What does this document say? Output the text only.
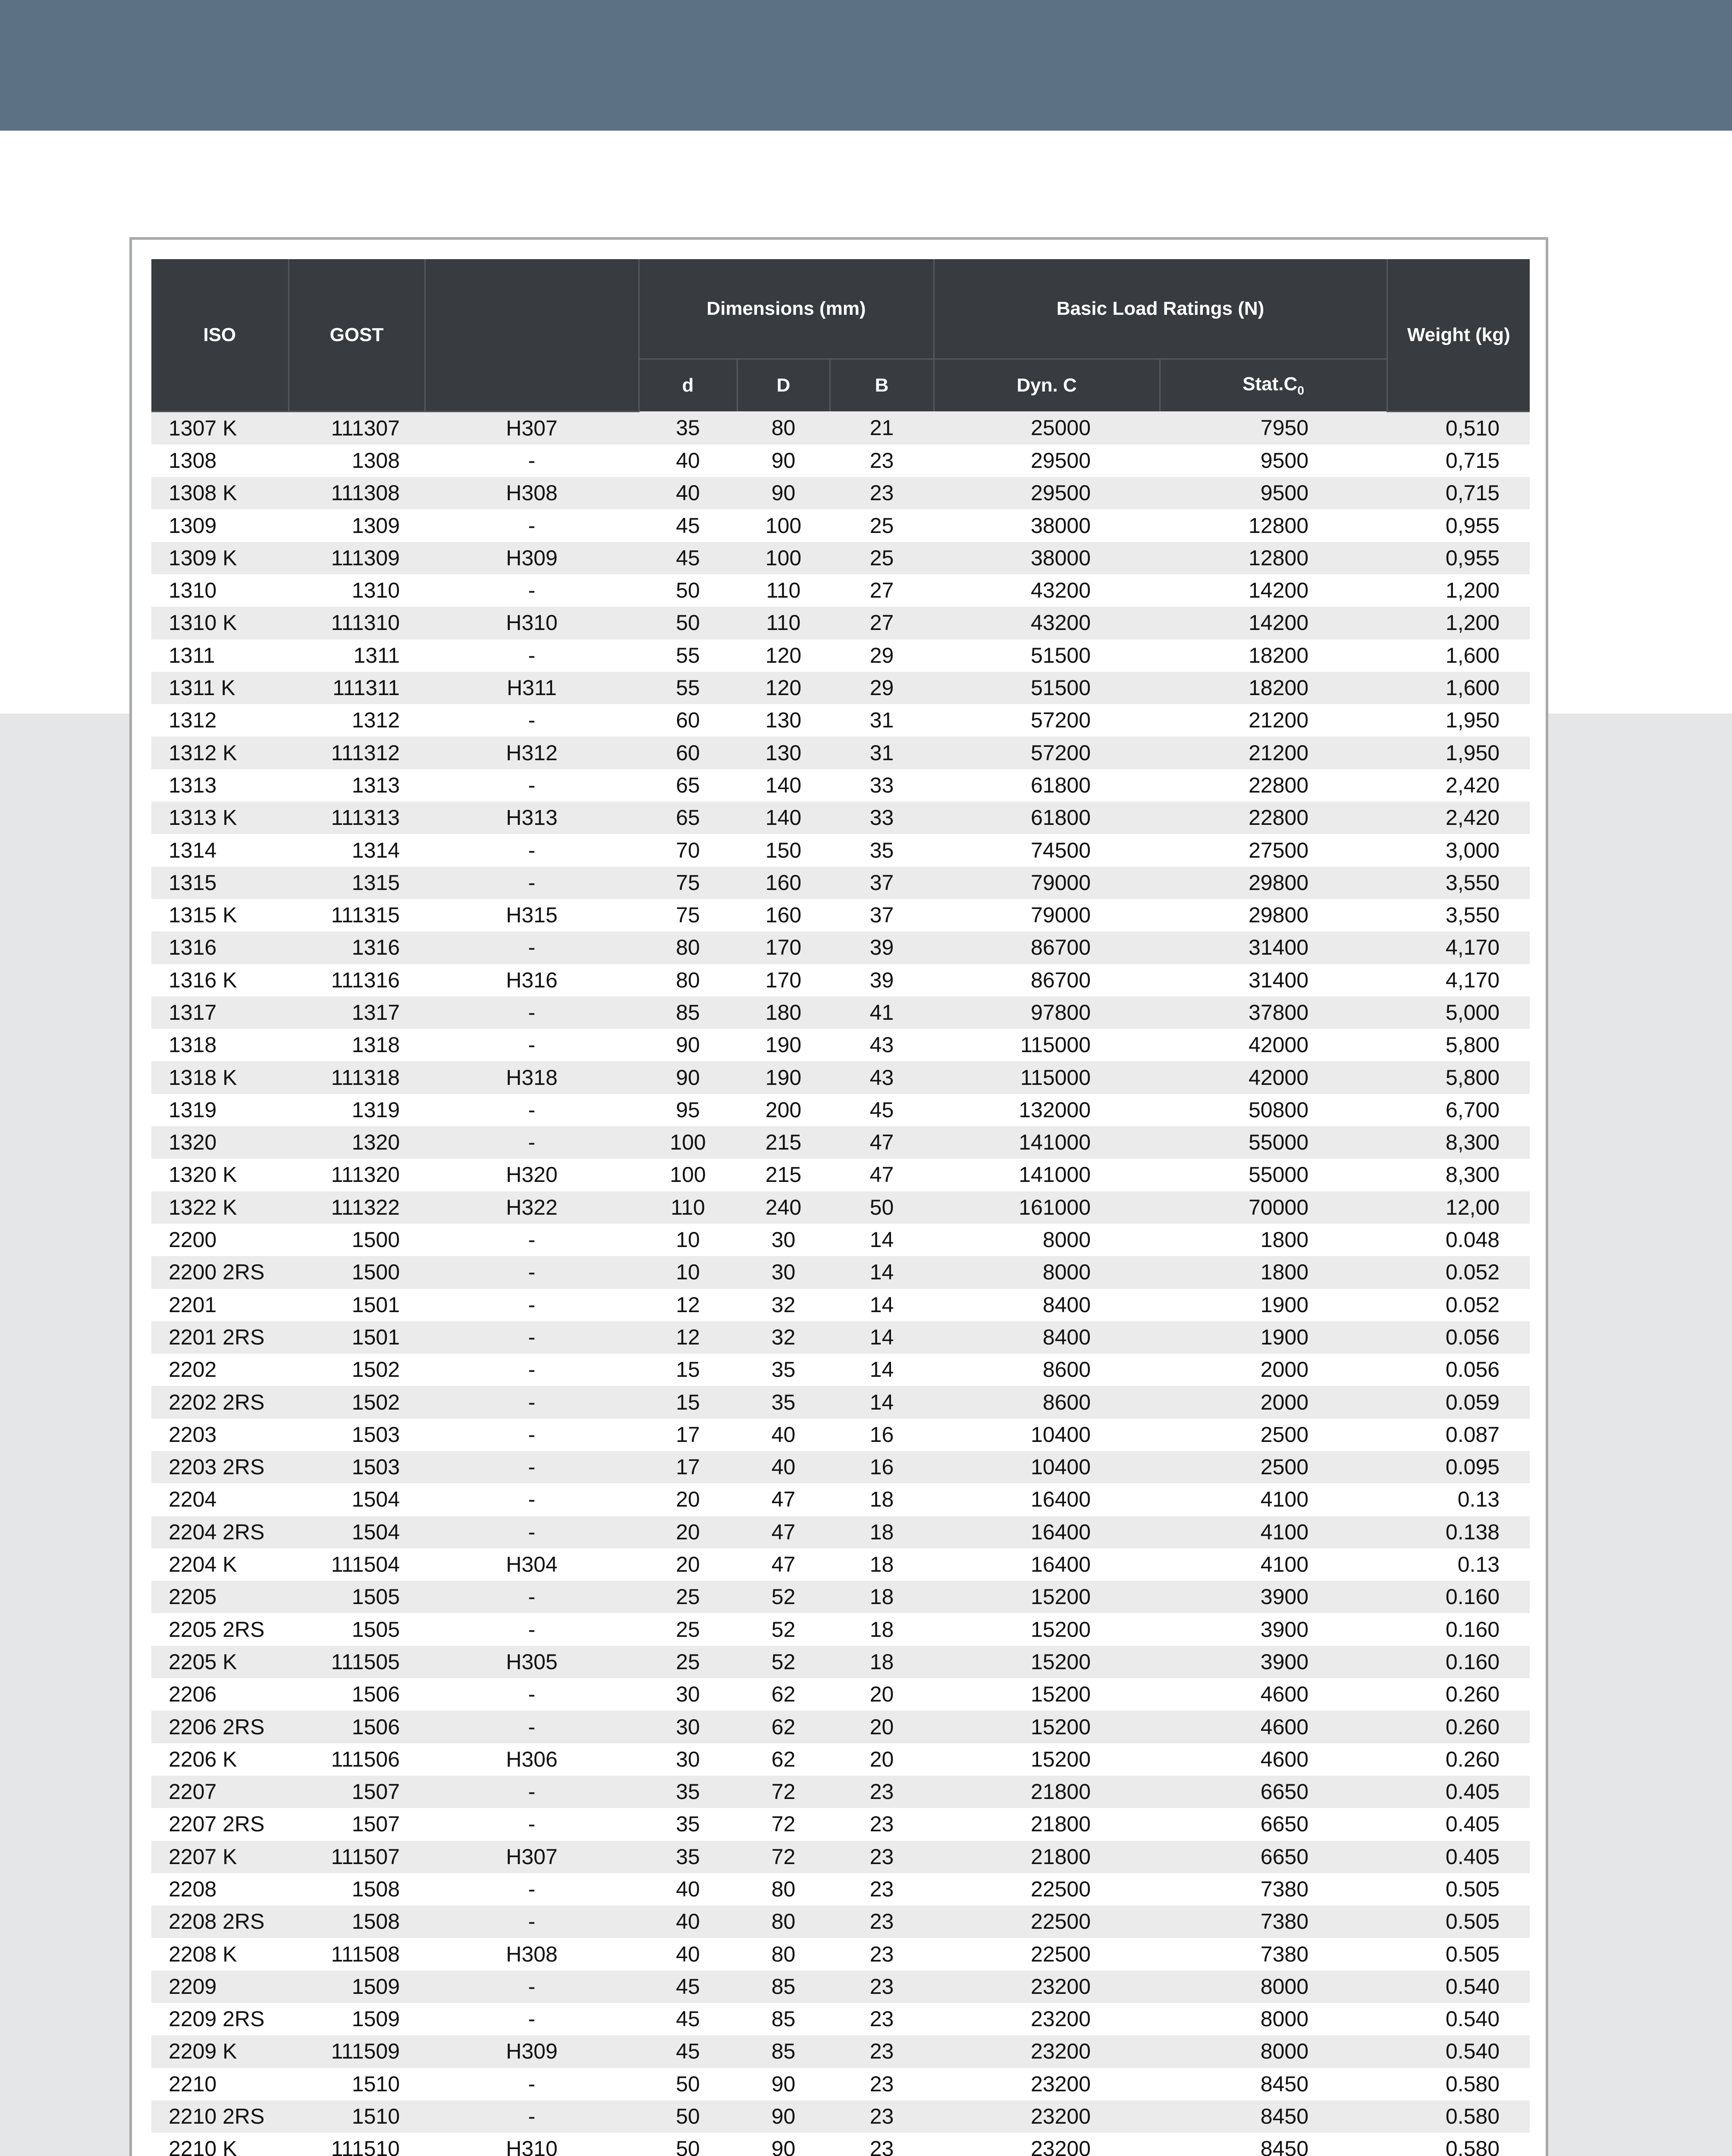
ISO	GOST		Dimensions (mm)			Basic Load Ratings (N)		Weight (kg)
			d	D	B	Dyn. C	$Stat.C_0$
1307 K	111307	H307	35	80	21	25000	7950	0,510
1308	1308	-	40	90	23	29500	9500	0,715
1308 K	111308	H308	40	90	23	29500	9500	0,715
1309	1309	-	45	100	25	38000	12800	0,955
1309 K	111309	H309	45	100	25	38000	12800	0,955
1310	1310	-	50	110	27	43200	14200	1,200
1310 K	111310	H310	50	110	27	43200	14200	1,200
1311	1311	-	55	120	29	51500	18200	1,600
1311 K	111311	H311	55	120	29	51500	18200	1,600
1312	1312	-	60	130	31	57200	21200	1,950
1312 K	111312	H312	60	130	31	57200	21200	1,950
1313	1313	-	65	140	33	61800	22800	2,420
1313 K	111313	H313	65	140	33	61800	22800	2,420
1314	1314	-	70	150	35	74500	27500	3,000
1315	1315	-	75	160	37	79000	29800	3,550
1315 K	111315	H315	75	160	37	79000	29800	3,550
1316	1316	-	80	170	39	86700	31400	4,170
1316 K	111316	H316	80	170	39	86700	31400	4,170
1317	1317	-	85	180	41	97800	37800	5,000
1318	1318	-	90	190	43	115000	42000	5,800
1318 K	111318	H318	90	190	43	115000	42000	5,800
1319	1319	-	95	200	45	132000	50800	6,700
1320	1320	-	100	215	47	141000	55000	8,300
1320 K	111320	H320	100	215	47	141000	55000	8,300
1322 K	111322	H322	110	240	50	161000	70000	12,00
2200	1500	-	10	30	14	8000	1800	0.048
2200 2RS	1500	-	10	30	14	8000	1800	0.052
2201	1501	-	12	32	14	8400	1900	0.052
2201 2RS	1501	-	12	32	14	8400	1900	0.056
2202	1502	-	15	35	14	8600	2000	0.056
2202 2RS	1502	-	15	35	14	8600	2000	0.059
2203	1503	-	17	40	16	10400	2500	0.087
2203 2RS	1503	-	17	40	16	10400	2500	0.095
2204	1504	-	20	47	18	16400	4100	0.13
2204 2RS	1504	-	20	47	18	16400	4100	0.138
2204 K	111504	H304	20	47	18	16400	4100	0.13
2205	1505	-	25	52	18	15200	3900	0.160
2205 2RS	1505	-	25	52	18	15200	3900	0.160
2205 K	111505	H305	25	52	18	15200	3900	0.160
2206	1506	-	30	62	20	15200	4600	0.260
2206 2RS	1506	-	30	62	20	15200	4600	0.260
2206 K	111506	H306	30	62	20	15200	4600	0.260
2207	1507	-	35	72	23	21800	6650	0.405
2207 2RS	1507	-	35	72	23	21800	6650	0.405
2207 K	111507	H307	35	72	23	21800	6650	0.405
2208	1508	-	40	80	23	22500	7380	0.505
2208 2RS	1508	-	40	80	23	22500	7380	0.505
2208 K	111508	H308	40	80	23	22500	7380	0.505
2209	1509	-	45	85	23	23200	8000	0.540
2209 2RS	1509	-	45	85	23	23200	8000	0.540
2209 K	111509	H309	45	85	23	23200	8000	0.540
2210	1510	-	50	90	23	23200	8450	0.580
2210 2RS	1510	-	50	90	23	23200	8450	0.580
2210 K	111510	H310	50	90	23	23200	8450	0.580
